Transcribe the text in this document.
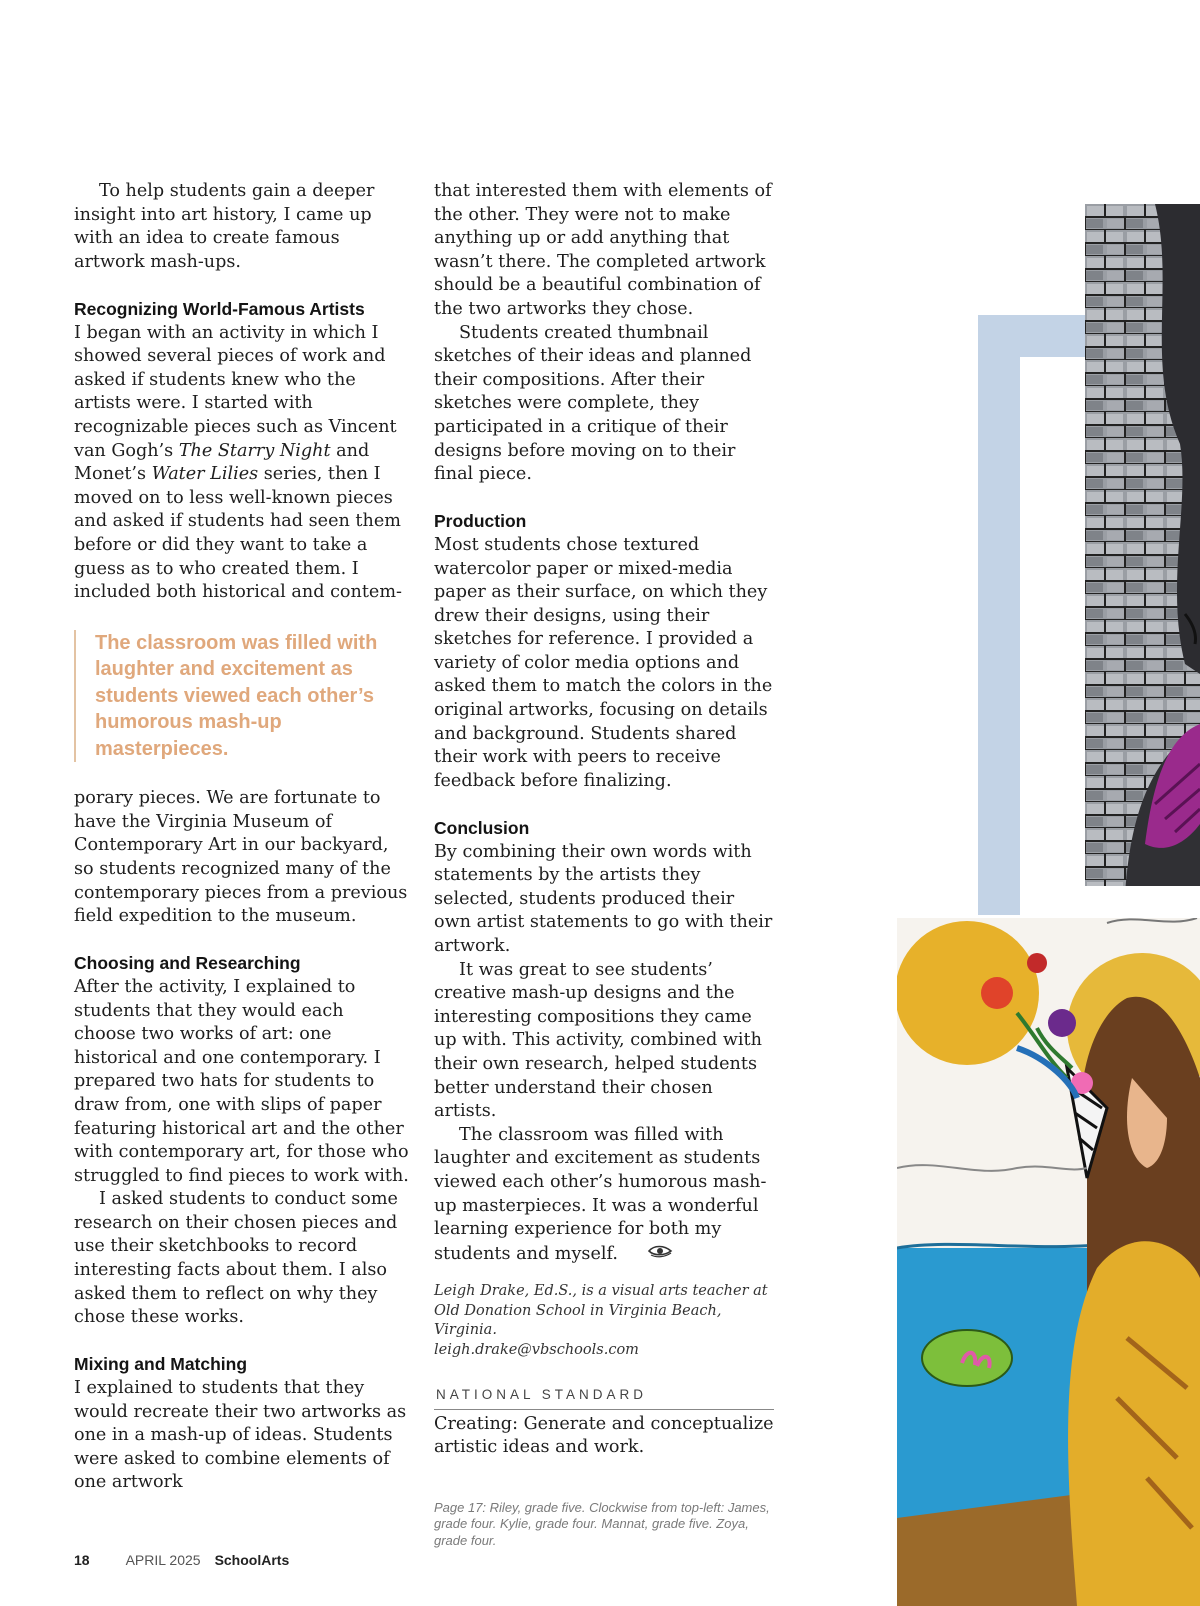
To help students gain a deeper insight into art history, I came up with an idea to create famous artwork mash-ups.

Recognizing World-Famous Artists

I began with an activity in which I showed several pieces of work and asked if students knew who the artists were. I started with recognizable pieces such as Vincent van Gogh’s The Starry Night and Monet’s Water Lilies series, then I moved on to less well-known pieces and asked if students had seen them before or did they want to take a guess as to who created them. I included both historical and contem-

The classroom was filled with laughter and excitement as students viewed each other’s humorous mash-up masterpieces.

porary pieces. We are fortunate to have the Virginia Museum of Contemporary Art in our backyard, so students recognized many of the contemporary pieces from a previous field expedition to the museum.

Choosing and Researching

After the activity, I explained to students that they would each choose two works of art: one historical and one contemporary. I prepared two hats for students to draw from, one with slips of paper featuring historical art and the other with contemporary art, for those who struggled to find pieces to work with.

I asked students to conduct some research on their chosen pieces and use their sketchbooks to record interesting facts about them. I also asked them to reflect on why they chose these works.

Mixing and Matching

I explained to students that they would recreate their two artworks as one in a mash-up of ideas. Students were asked to combine elements of one artwork

that interested them with elements of the other. They were not to make anything up or add anything that wasn’t there. The completed artwork should be a beautiful combination of the two artworks they chose.

Students created thumbnail sketches of their ideas and planned their compositions. After their sketches were complete, they participated in a critique of their designs before moving on to their final piece.

Production

Most students chose textured watercolor paper or mixed-media paper as their surface, on which they drew their designs, using their sketches for reference. I provided a variety of color media options and asked them to match the colors in the original artworks, focusing on details and background. Students shared their work with peers to receive feedback before finalizing.

Conclusion

By combining their own words with statements by the artists they selected, students produced their own artist statements to go with their artwork.

It was great to see students’ creative mash-up designs and the interesting compositions they came up with. This activity, combined with their own research, helped students better understand their chosen artists.

The classroom was filled with laughter and excitement as students viewed each other’s humorous mash-up masterpieces. It was a wonderful learning experience for both my students and myself.

Leigh Drake, Ed.S., is a visual arts teacher at Old Donation School in Virginia Beach, Virginia.
leigh.drake@vbschools.com
NATIONAL STANDARD

Creating: Generate and conceptualize artistic ideas and work.

Page 17: Riley, grade five. Clockwise from top-left: James, grade four. Kylie, grade four. Mannat, grade five. Zoya, grade four.
18	APRIL 2025 SchoolArts
